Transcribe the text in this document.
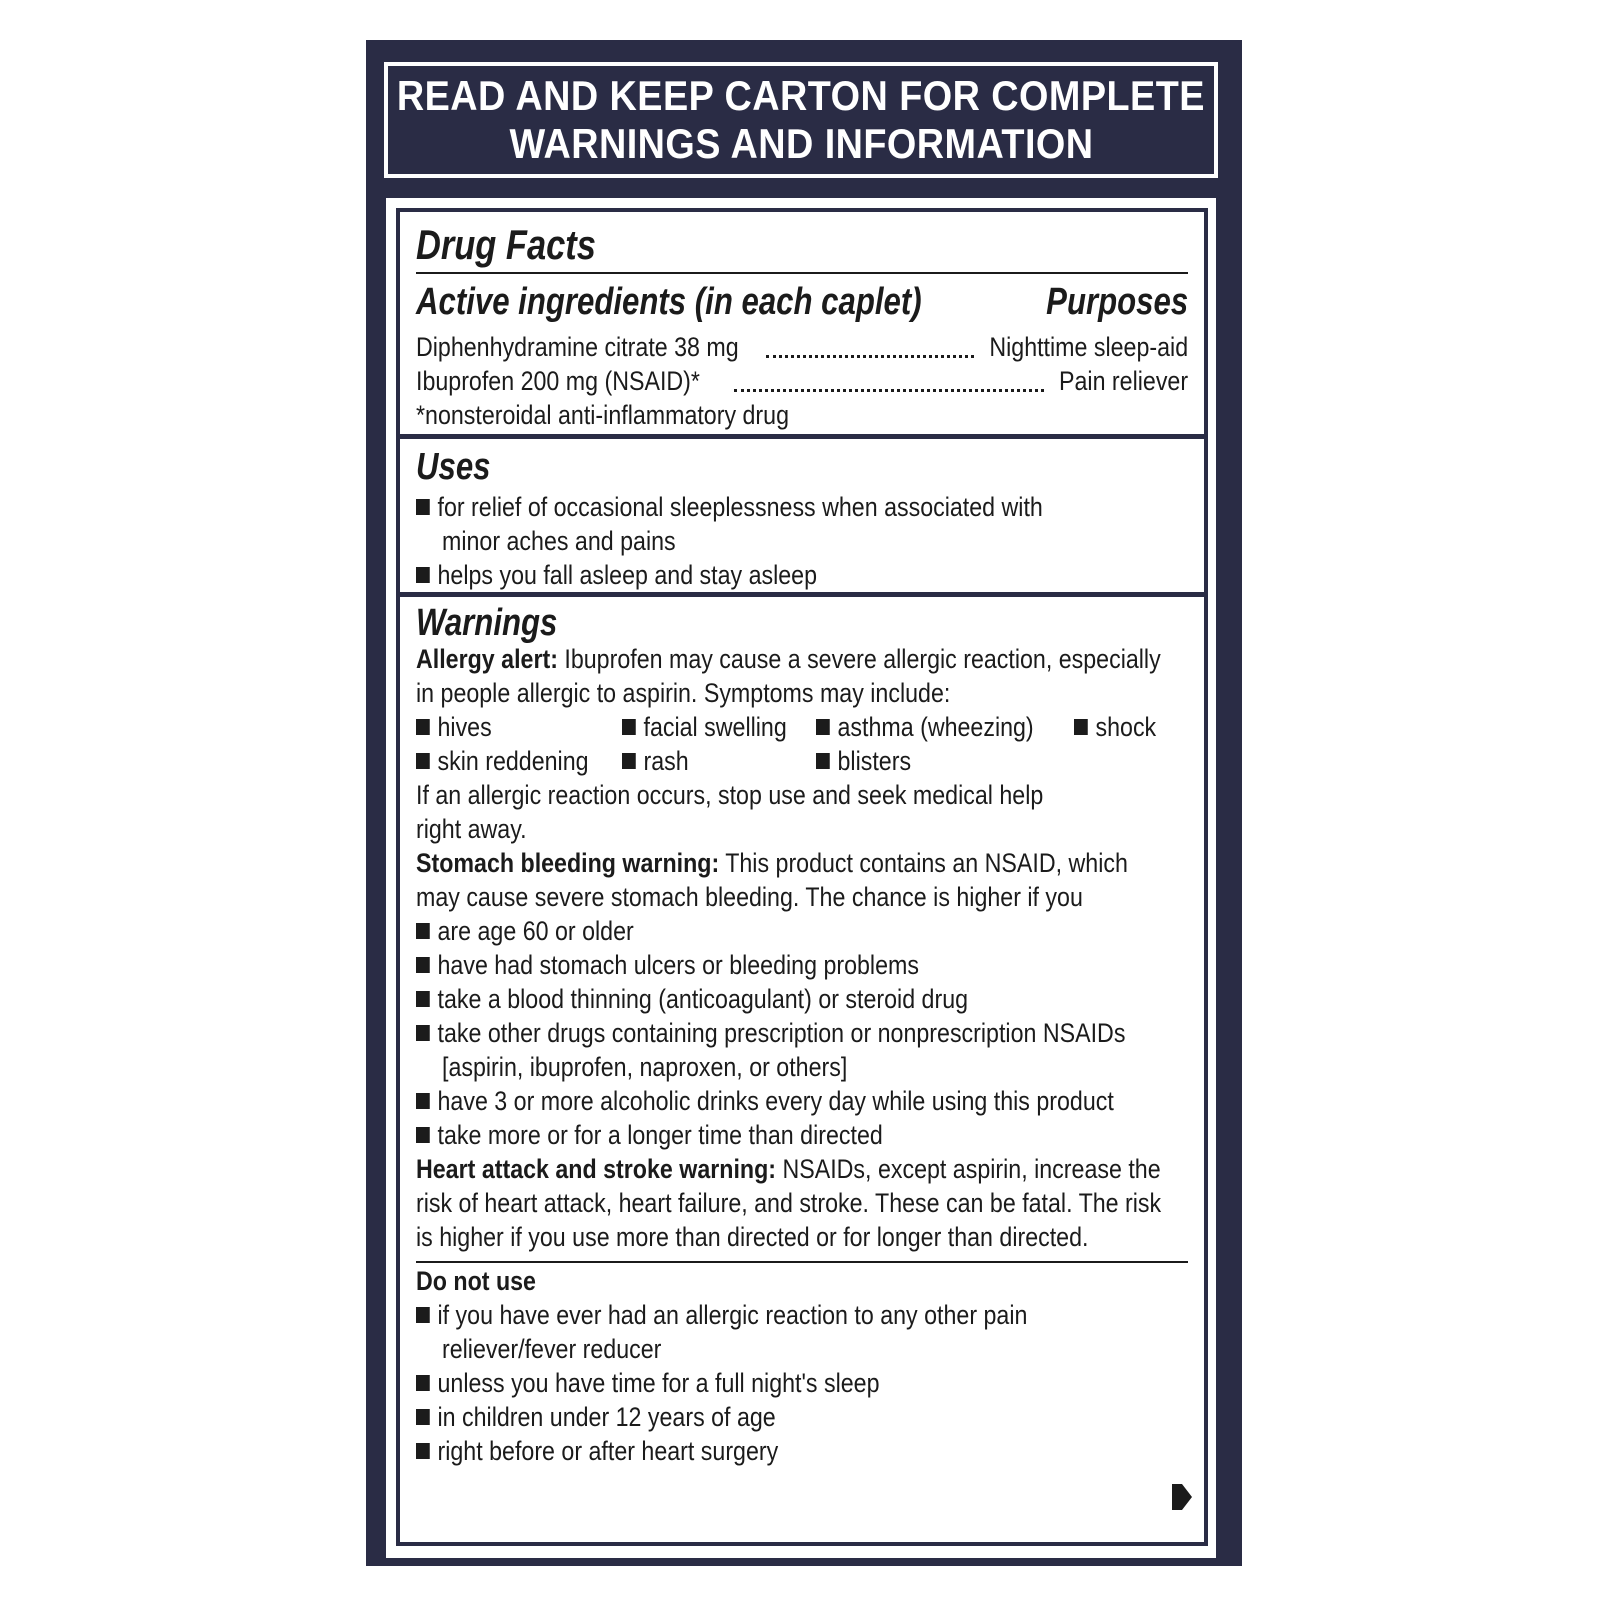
READ AND KEEP CARTON FOR COMPLETE
WARNINGS AND INFORMATION
Drug Facts
Active ingredients (in each caplet)	Purposes
Diphenhydramine citrate 38 mg	Nighttime sleep-aid
Ibuprofen 200 mg (NSAID)*	Pain reliever
*nonsteroidal anti-inflammatory drug
Uses
for relief of occasional sleeplessness when associated with
minor aches and pains
helps you fall asleep and stay asleep
Warnings
Allergy alert: Ibuprofen may cause a severe allergic reaction, especially
in people allergic to aspirin. Symptoms may include:
hives	facial swelling	asthma (wheezing)	shock
skin reddening	rash	blisters
If an allergic reaction occurs, stop use and seek medical help
right away.
Stomach bleeding warning: This product contains an NSAID, which
may cause severe stomach bleeding. The chance is higher if you
are age 60 or older
have had stomach ulcers or bleeding problems
take a blood thinning (anticoagulant) or steroid drug
take other drugs containing prescription or nonprescription NSAIDs
[aspirin, ibuprofen, naproxen, or others]
have 3 or more alcoholic drinks every day while using this product
take more or for a longer time than directed
Heart attack and stroke warning: NSAIDs, except aspirin, increase the
risk of heart attack, heart failure, and stroke. These can be fatal. The risk
is higher if you use more than directed or for longer than directed.
Do not use
if you have ever had an allergic reaction to any other pain
reliever/fever reducer
unless you have time for a full night's sleep
in children under 12 years of age
right before or after heart surgery
